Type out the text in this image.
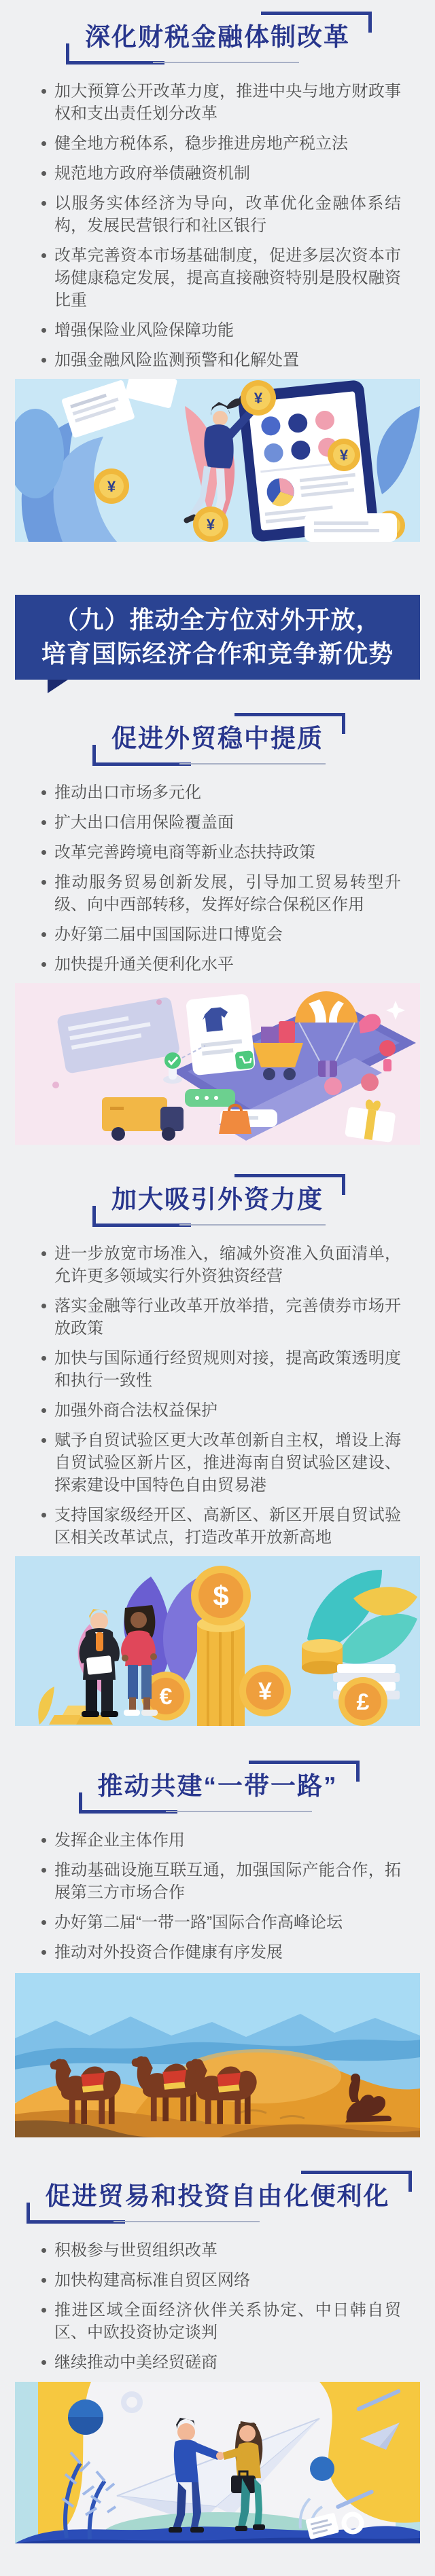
深化财税金融体制改革
加大预算公开改革力度，推进中央与地方财政事权和支出责任划分改革
健全地方税体系，稳步推进房地产税立法
规范地方政府举债融资机制
以服务实体经济为导向，改革优化金融体系结构，发展民营银行和社区银行
改革完善资本市场基础制度，促进多层次资本市场健康稳定发展，提高直接融资特别是股权融资比重
增强保险业风险保障功能
加强金融风险监测预警和化解处置
¥
¥
¥
¥
（九）推动全方位对外开放，
培育国际经济合作和竞争新优势
促进外贸稳中提质
推动出口市场多元化
扩大出口信用保险覆盖面
改革完善跨境电商等新业态扶持政策
推动服务贸易创新发展，引导加工贸易转型升级、向中西部转移，发挥好综合保税区作用
办好第二届中国国际进口博览会
加快提升通关便利化水平
加大吸引外资力度
进一步放宽市场准入，缩减外资准入负面清单，允许更多领域实行外资独资经营
落实金融等行业改革开放举措，完善债券市场开放政策
加快与国际通行经贸规则对接，提高政策透明度和执行一致性
加强外商合法权益保护
赋予自贸试验区更大改革创新自主权，增设上海自贸试验区新片区，推进海南自贸试验区建设、探索建设中国特色自由贸易港
支持国家级经开区、高新区、新区开展自贸试验区相关改革试点，打造改革开放新高地
$
¥
€	£
推动共建“一带一路”
发挥企业主体作用
推动基础设施互联互通，加强国际产能合作，拓展第三方市场合作
办好第二届“一带一路”国际合作高峰论坛
推动对外投资合作健康有序发展
促进贸易和投资自由化便利化
积极参与世贸组织改革
加快构建高标准自贸区网络
推进区域全面经济伙伴关系协定、中日韩自贸区、中欧投资协定谈判
继续推动中美经贸磋商
